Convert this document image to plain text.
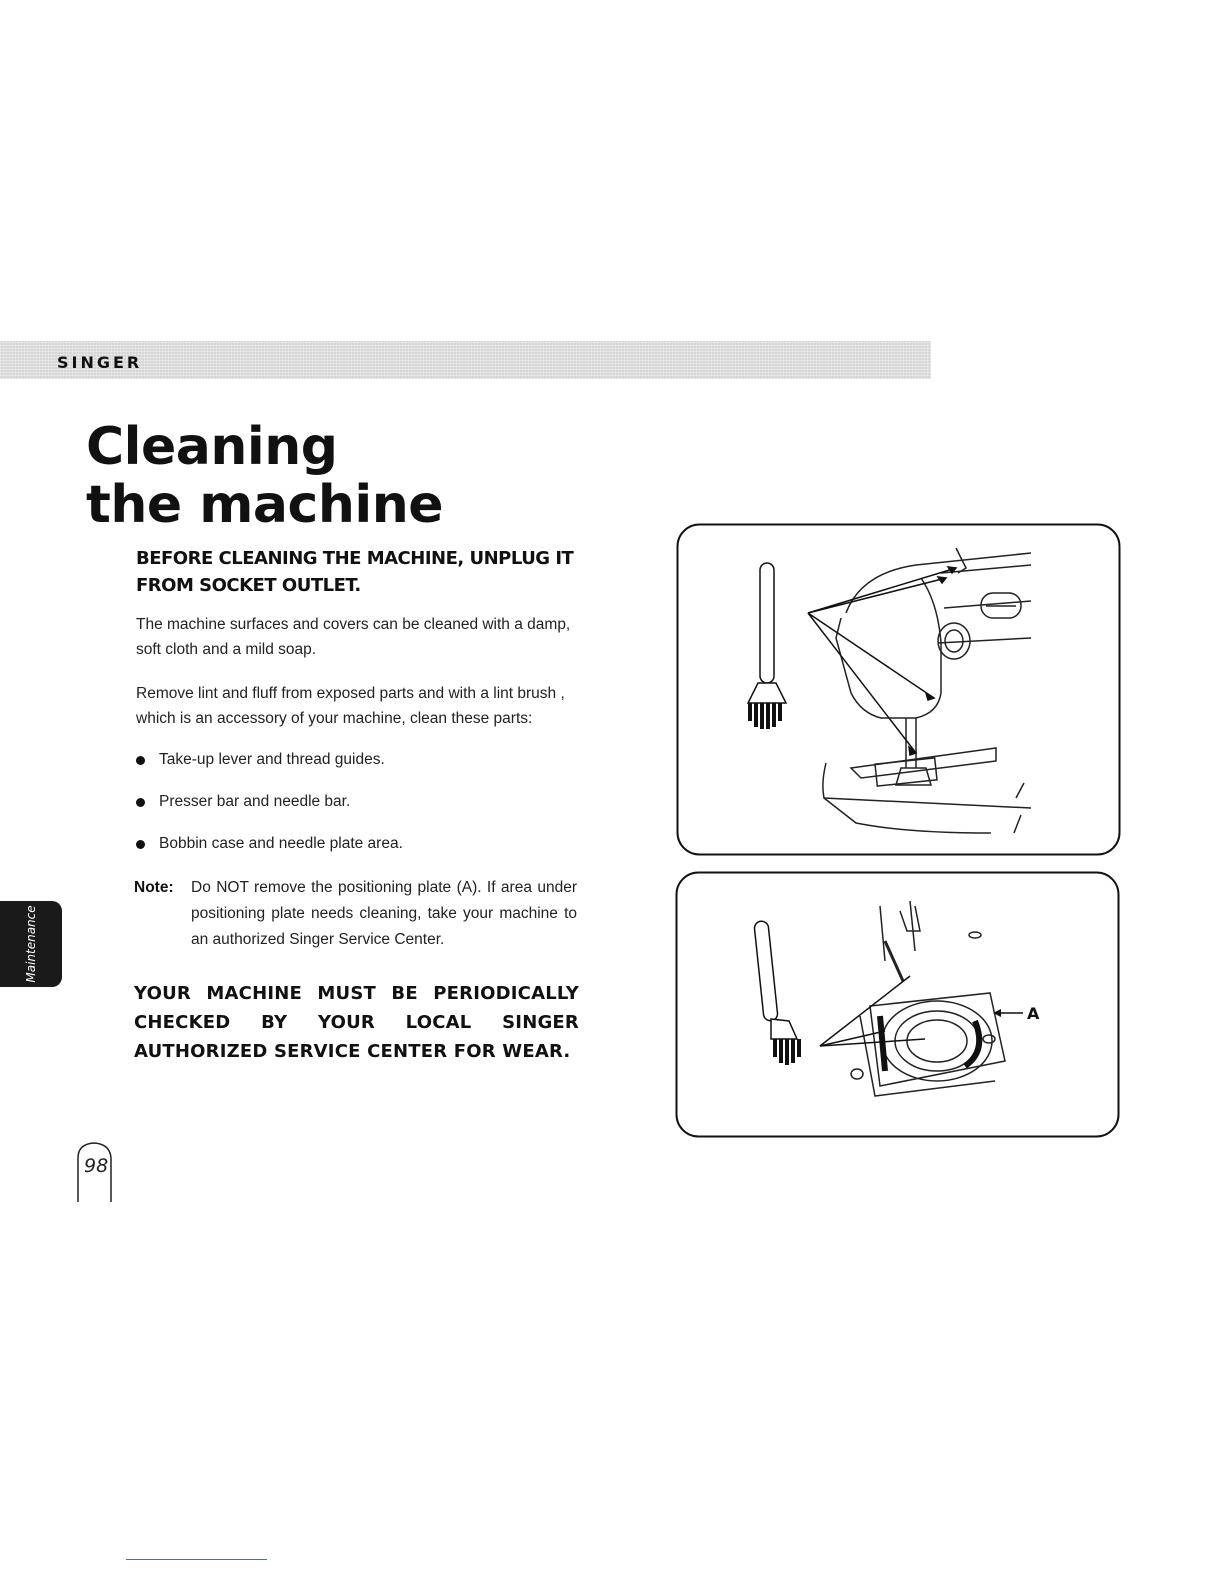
SINGER
Cleaning
the machine

BEFORE CLEANING THE MACHINE, UNPLUG IT FROM SOCKET OUTLET.

The machine surfaces and covers can be cleaned with a damp, soft cloth and a mild soap.

Remove lint and fluff from exposed parts and with a lint brush , which is an accessory of your machine, clean these parts:

Take-up lever and thread guides.
Presser bar and needle bar.
Bobbin case and needle plate area.
Note: Do NOT remove the positioning plate (A). If area under positioning plate needs cleaning, take your machine to an authorized Singer Service Center.

YOUR MACHINE MUST BE PERIODICALLY CHECKED BY YOUR LOCAL SINGER AUTHORIZED SERVICE CENTER FOR WEAR.

Maintenance
98
A
